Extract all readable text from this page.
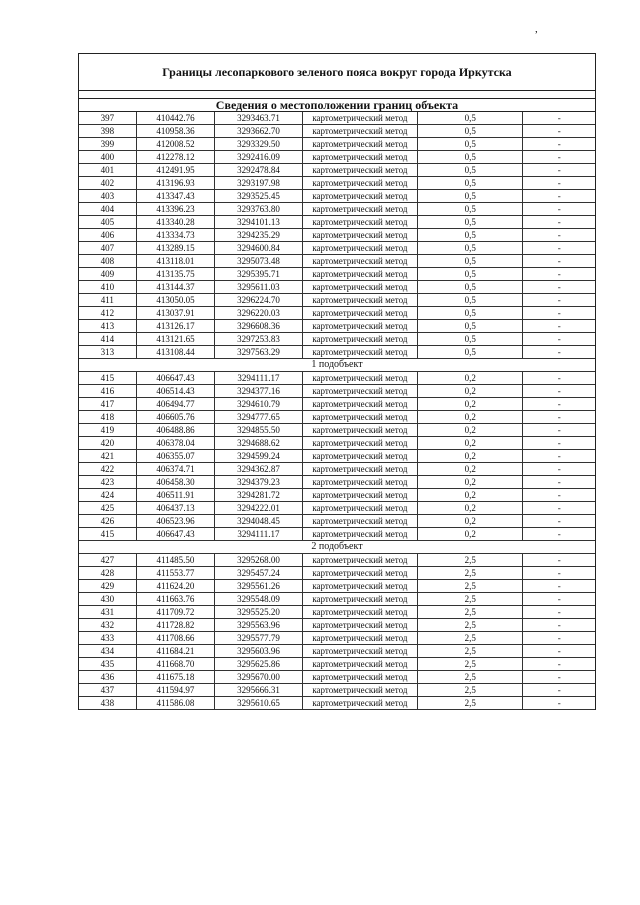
,
Границы лесопаркового зеленого пояса вокруг города Иркутска
Сведения о местоположении границ объекта
397	410442.76	3293463.71	картометрический метод	0,5	-
398	410958.36	3293662.70	картометрический метод	0,5	-
399	412008.52	3293329.50	картометрический метод	0,5	-
400	412278.12	3292416.09	картометрический метод	0,5	-
401	412491.95	3292478.84	картометрический метод	0,5	-
402	413196.93	3293197.98	картометрический метод	0,5	-
403	413347.43	3293525.45	картометрический метод	0,5	-
404	413396.23	3293763.80	картометрический метод	0,5	-
405	413340.28	3294101.13	картометрический метод	0,5	-
406	413334.73	3294235.29	картометрический метод	0,5	-
407	413289.15	3294600.84	картометрический метод	0,5	-
408	413118.01	3295073.48	картометрический метод	0,5	-
409	413135.75	3295395.71	картометрический метод	0,5	-
410	413144.37	3295611.03	картометрический метод	0,5	-
411	413050.05	3296224.70	картометрический метод	0,5	-
412	413037.91	3296220.03	картометрический метод	0,5	-
413	413126.17	3296608.36	картометрический метод	0,5	-
414	413121.65	3297253.83	картометрический метод	0,5	-
313	413108.44	3297563.29	картометрический метод	0,5	-
1 подобъект
415	406647.43	3294111.17	картометрический метод	0,2	-
416	406514.43	3294377.16	картометрический метод	0,2	-
417	406494.77	3294610.79	картометрический метод	0,2	-
418	406605.76	3294777.65	картометрический метод	0,2	-
419	406488.86	3294855.50	картометрический метод	0,2	-
420	406378.04	3294688.62	картометрический метод	0,2	-
421	406355.07	3294599.24	картометрический метод	0,2	-
422	406374.71	3294362.87	картометрический метод	0,2	-
423	406458.30	3294379.23	картометрический метод	0,2	-
424	406511.91	3294281.72	картометрический метод	0,2	-
425	406437.13	3294222.01	картометрический метод	0,2	-
426	406523.96	3294048.45	картометрический метод	0,2	-
415	406647.43	3294111.17	картометрический метод	0,2	-
2 подобъект
427	411485.50	3295268.00	картометрический метод	2,5	-
428	411553.77	3295457.24	картометрический метод	2,5	-
429	411624.20	3295561.26	картометрический метод	2,5	-
430	411663.76	3295548.09	картометрический метод	2,5	-
431	411709.72	3295525.20	картометрический метод	2,5	-
432	411728.82	3295563.96	картометрический метод	2,5	-
433	411708.66	3295577.79	картометрический метод	2,5	-
434	411684.21	3295603.96	картометрический метод	2,5	-
435	411668.70	3295625.86	картометрический метод	2,5	-
436	411675.18	3295670.00	картометрический метод	2,5	-
437	411594.97	3295666.31	картометрический метод	2,5	-
438	411586.08	3295610.65	картометрический метод	2,5	-
